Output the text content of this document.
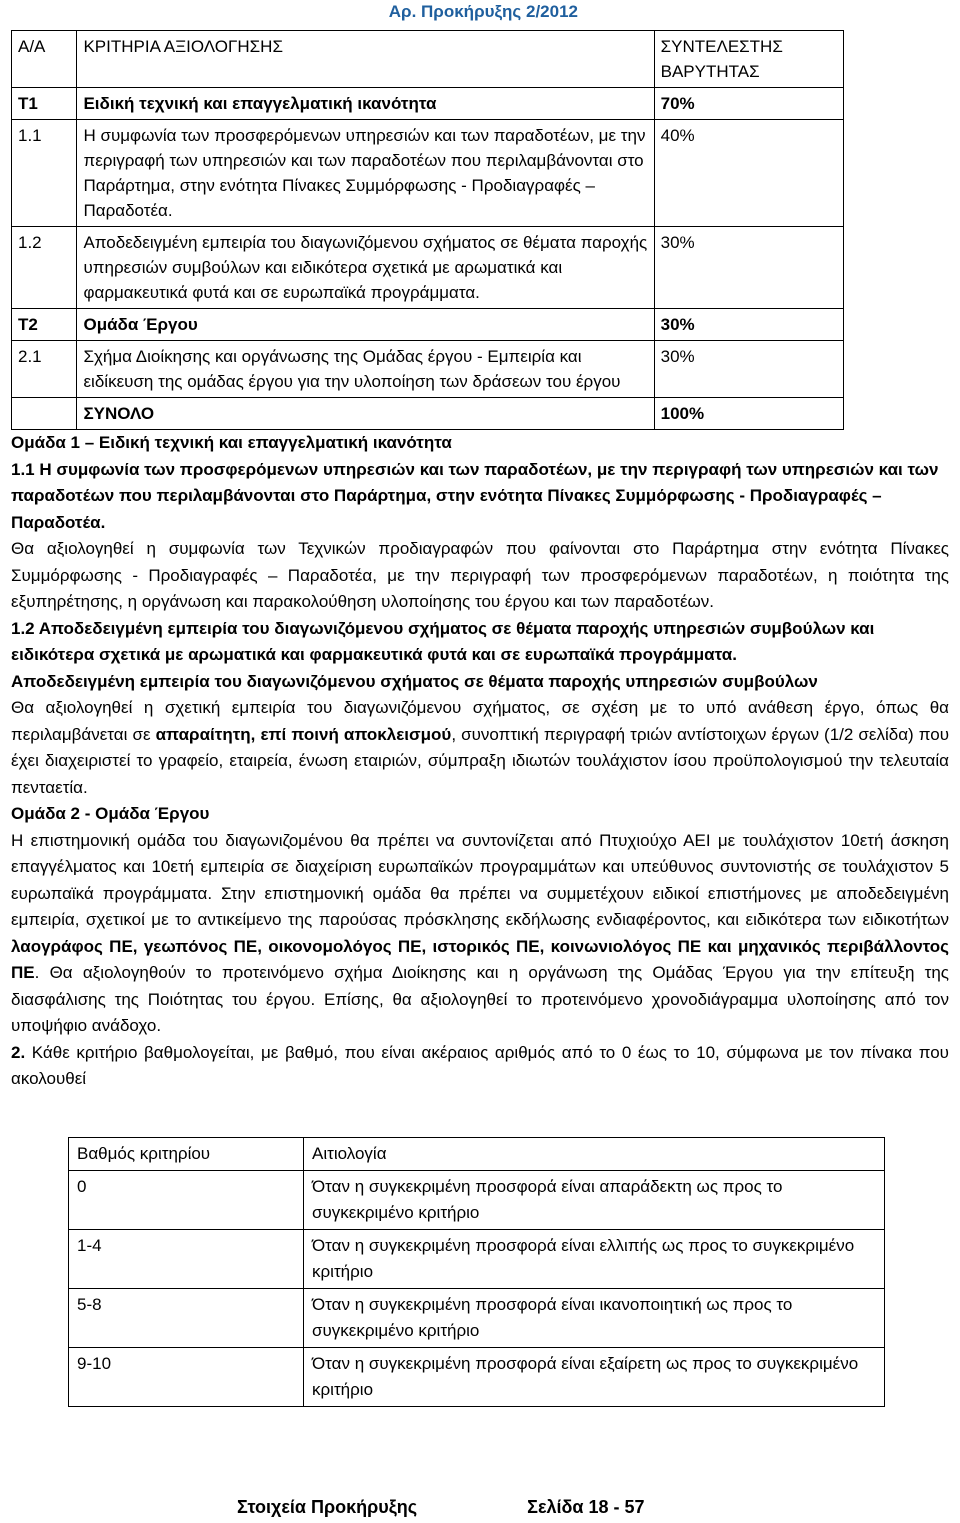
Αρ. Προκήρυξης 2/2012
Α/Α	ΚΡΙΤΗΡΙΑ ΑΞΙΟΛΟΓΗΣΗΣ	ΣΥΝΤΕΛΕΣΤΗΣ ΒΑΡΥΤΗΤΑΣ
Τ1	Ειδική τεχνική και επαγγελματική ικανότητα	70%
1.1	Η συμφωνία των προσφερόμενων υπηρεσιών και των παραδοτέων, με την περιγραφή των υπηρεσιών και των παραδοτέων που περιλαμβάνονται στο Παράρτημα, στην ενότητα Πίνακες Συμμόρφωσης - Προδιαγραφές – Παραδοτέα.	40%
1.2	Αποδεδειγμένη εμπειρία του διαγωνιζόμενου σχήματος σε θέματα παροχής υπηρεσιών συμβούλων και ειδικότερα σχετικά με αρωματικά και φαρμακευτικά φυτά και σε ευρωπαϊκά προγράμματα.	30%
Τ2	Ομάδα Έργου	30%
2.1	Σχήμα Διοίκησης και οργάνωσης της Ομάδας έργου - Εμπειρία και ειδίκευση της ομάδας έργου για την υλοποίηση των δράσεων του έργου	30%
	ΣΥΝΟΛΟ	100%

Ομάδα 1 – Ειδική τεχνική και επαγγελματική ικανότητα

1.1 Η συμφωνία των προσφερόμενων υπηρεσιών και των παραδοτέων, με την περιγραφή των υπηρεσιών και των παραδοτέων που περιλαμβάνονται στο Παράρτημα, στην ενότητα Πίνακες Συμμόρφωσης - Προδιαγραφές – Παραδοτέα.

Θα αξιολογηθεί η συμφωνία των Τεχνικών προδιαγραφών που φαίνονται στο Παράρτημα στην ενότητα Πίνακες Συμμόρφωσης - Προδιαγραφές – Παραδοτέα, με την περιγραφή των προσφερόμενων παραδοτέων, η ποιότητα της εξυπηρέτησης, η οργάνωση και παρακολούθηση υλοποίησης του έργου και των παραδοτέων.

1.2 Αποδεδειγμένη εμπειρία του διαγωνιζόμενου σχήματος σε θέματα παροχής υπηρεσιών συμβούλων και ειδικότερα σχετικά με αρωματικά και φαρμακευτικά φυτά και σε ευρωπαϊκά προγράμματα.

Αποδεδειγμένη εμπειρία του διαγωνιζόμενου σχήματος σε θέματα παροχής υπηρεσιών συμβούλων

Θα αξιολογηθεί η σχετική εμπειρία του διαγωνιζόμενου σχήματος, σε σχέση με το υπό ανάθεση έργο, όπως θα περιλαμβάνεται σε απαραίτητη, επί ποινή αποκλεισμού, συνοπτική περιγραφή τριών αντίστοιχων έργων (1/2 σελίδα) που έχει διαχειριστεί το γραφείο, εταιρεία, ένωση εταιριών, σύμπραξη ιδιωτών τουλάχιστον ίσου προϋπολογισμού την τελευταία πενταετία.

Ομάδα 2 - Ομάδα Έργου

Η επιστημονική ομάδα του διαγωνιζομένου θα πρέπει να συντονίζεται από Πτυχιούχο ΑΕΙ με τουλάχιστον 10ετή άσκηση επαγγέλματος και 10ετή εμπειρία σε διαχείριση ευρωπαϊκών προγραμμάτων και υπεύθυνος συντονιστής σε τουλάχιστον 5 ευρωπαϊκά προγράμματα. Στην επιστημονική ομάδα θα πρέπει να συμμετέχουν ειδικοί επιστήμονες με αποδεδειγμένη εμπειρία, σχετικοί με το αντικείμενο της παρούσας πρόσκλησης εκδήλωσης ενδιαφέροντος, και ειδικότερα των ειδικοτήτων λαογράφος ΠΕ, γεωπόνος ΠΕ, οικονομολόγος ΠΕ, ιστορικός ΠΕ, κοινωνιολόγος ΠΕ και μηχανικός περιβάλλοντος ΠΕ. Θα αξιολογηθούν το προτεινόμενο σχήμα Διοίκησης και η οργάνωση της Ομάδας Έργου για την επίτευξη της διασφάλισης της Ποιότητας του έργου. Επίσης, θα αξιολογηθεί το προτεινόμενο χρονοδιάγραμμα υλοποίησης από τον υποψήφιο ανάδοχο.

2. Κάθε κριτήριο βαθμολογείται, με βαθμό, που είναι ακέραιος αριθμός από το 0 έως το 10, σύμφωνα με τον πίνακα που ακολουθεί

Βαθμός κριτηρίου	Αιτιολογία
0	Όταν η συγκεκριμένη προσφορά είναι απαράδεκτη ως προς το συγκεκριμένο κριτήριο
1-4	Όταν η συγκεκριμένη προσφορά είναι ελλιπής ως προς το συγκεκριμένο κριτήριο
5-8	Όταν η συγκεκριμένη προσφορά είναι ικανοποιητική ως προς το συγκεκριμένο κριτήριο
9-10	Όταν η συγκεκριμένη προσφορά είναι εξαίρετη ως προς το συγκεκριμένο κριτήριο
Στοιχεία Προκήρυξης	Σελίδα 18 - 57
